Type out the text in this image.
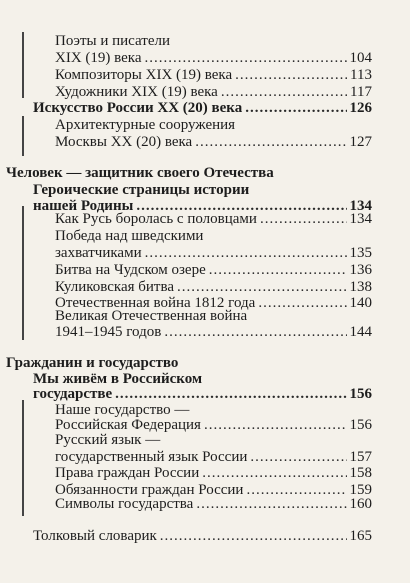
Поэты и писатели
XIX (19) века .....	104
Композиторы XIX (19) века .....	113
Художники XIX (19) века .....	117
Искусство России XX (20) века .....	126
Архитектурные сооружения
Москвы XX (20) века .....	127
Человек — защитник своего Отечества
Героические страницы истории
нашей Родины .....	134
Как Русь боролась с половцами .....	134
Победа над шведскими
захватчиками .....	135
Битва на Чудском озере .....	136
Куликовская битва .....	138
Отечественная война 1812 года .....	140
Великая Отечественная война
1941–1945 годов .....	144
Гражданин и государство
Мы живём в Российском
государстве .....	156
Наше государство —
Российская Федерация .....	156
Русский язык —
государственный язык России .....	157
Права граждан России .....	158
Обязанности граждан России .....	159
Символы государства .....	160
Толковый словарик .....	165
